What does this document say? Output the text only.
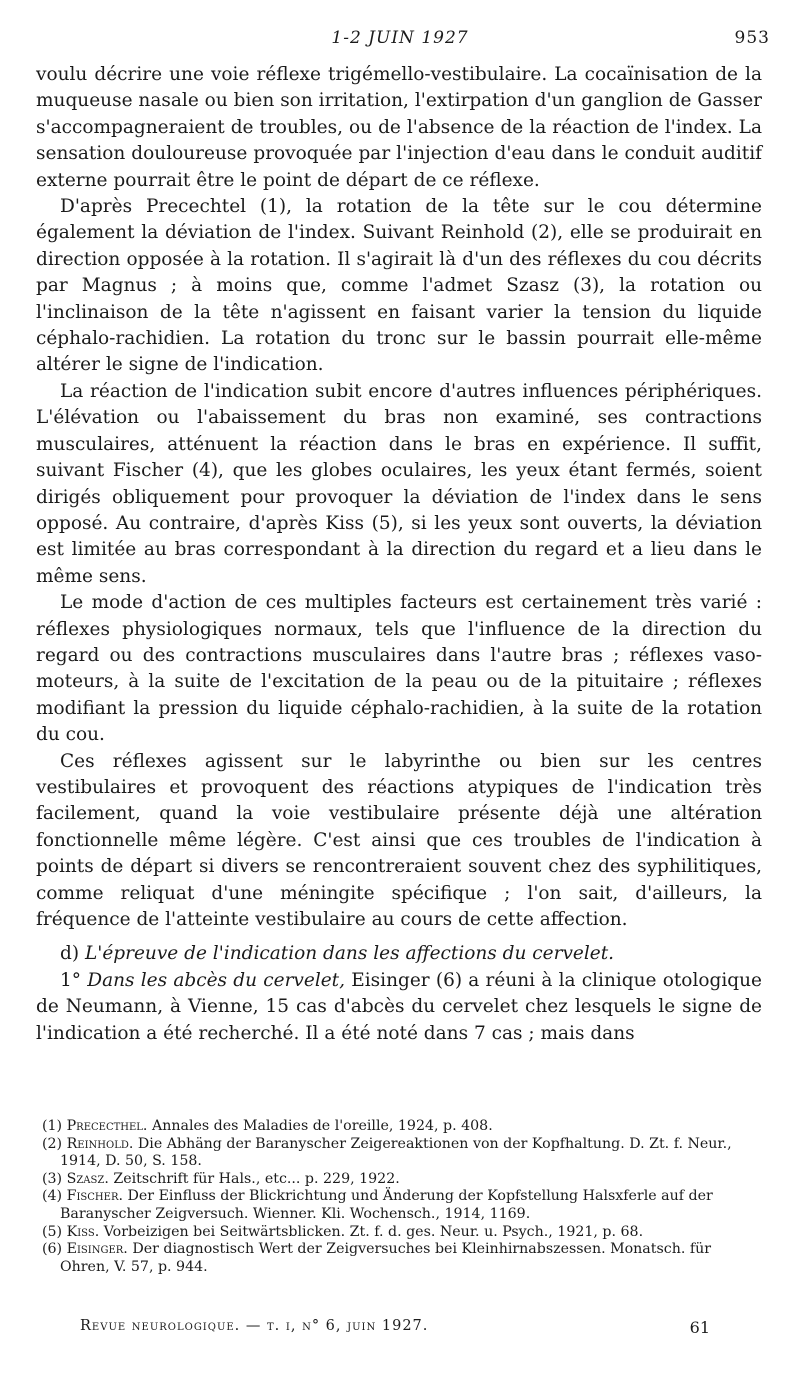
1-2 JUIN 1927	953

voulu décrire une voie réflexe trigémello-vestibulaire. La cocaïnisation de la muqueuse nasale ou bien son irritation, l'extirpation d'un ganglion de Gasser s'accompagneraient de troubles, ou de l'absence de la réaction de l'index. La sensation douloureuse provoquée par l'injection d'eau dans le conduit auditif externe pourrait être le point de départ de ce réflexe.

D'après Precechtel (1), la rotation de la tête sur le cou détermine également la déviation de l'index. Suivant Reinhold (2), elle se produirait en direction opposée à la rotation. Il s'agirait là d'un des réflexes du cou décrits par Magnus ; à moins que, comme l'admet Szasz (3), la rotation ou l'inclinaison de la tête n'agissent en faisant varier la tension du liquide céphalo-rachidien. La rotation du tronc sur le bassin pourrait elle-même altérer le signe de l'indication.

La réaction de l'indication subit encore d'autres influences périphériques. L'élévation ou l'abaissement du bras non examiné, ses contractions musculaires, atténuent la réaction dans le bras en expérience. Il suffit, suivant Fischer (4), que les globes oculaires, les yeux étant fermés, soient dirigés obliquement pour provoquer la déviation de l'index dans le sens opposé. Au contraire, d'après Kiss (5), si les yeux sont ouverts, la déviation est limitée au bras correspondant à la direction du regard et a lieu dans le même sens.

Le mode d'action de ces multiples facteurs est certainement très varié : réflexes physiologiques normaux, tels que l'influence de la direction du regard ou des contractions musculaires dans l'autre bras ; réflexes vaso-moteurs, à la suite de l'excitation de la peau ou de la pituitaire ; réflexes modifiant la pression du liquide céphalo-rachidien, à la suite de la rotation du cou.

Ces réflexes agissent sur le labyrinthe ou bien sur les centres vestibulaires et provoquent des réactions atypiques de l'indication très facilement, quand la voie vestibulaire présente déjà une altération fonctionnelle même légère. C'est ainsi que ces troubles de l'indication à points de départ si divers se rencontreraient souvent chez des syphilitiques, comme reliquat d'une méningite spécifique ; l'on sait, d'ailleurs, la fréquence de l'atteinte vestibulaire au cours de cette affection.

d) L'épreuve de l'indication dans les affections du cervelet.

1° Dans les abcès du cervelet, Eisinger (6) a réuni à la clinique otologique de Neumann, à Vienne, 15 cas d'abcès du cervelet chez lesquels le signe de l'indication a été recherché. Il a été noté dans 7 cas ; mais dans

(1) Prececthel. Annales des Maladies de l'oreille, 1924, p. 408.

(2) Reinhold. Die Abhäng der Baranyscher Zeigereaktionen von der Kopfhaltung. D. Zt. f. Neur., 1914, D. 50, S. 158.

(3) Szasz. Zeitschrift für Hals., etc... p. 229, 1922.

(4) Fischer. Der Einfluss der Blickrichtung und Änderung der Kopfstellung Halsxferle auf der Baranyscher Zeigversuch. Wienner. Kli. Wochensch., 1914, 1169.

(5) Kiss. Vorbeizigen bei Seitwärtsblicken. Zt. f. d. ges. Neur. u. Psych., 1921, p. 68.

(6) Eisinger. Der diagnostisch Wert der Zeigversuches bei Kleinhirnabszessen. Monatsch. für Ohren, V. 57, p. 944.

Revue neurologique. — t. i, n° 6, juin 1927.	61
